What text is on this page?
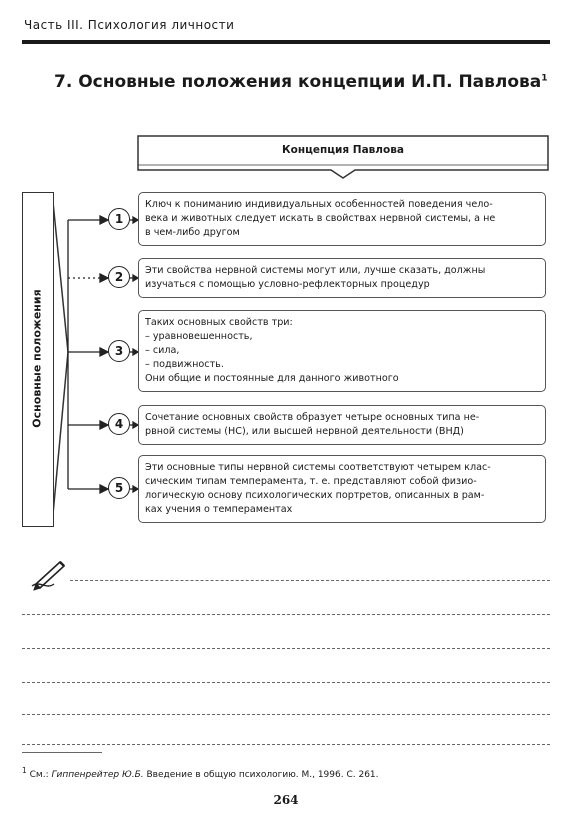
Часть III. Психология личности
7. Основные положения концепции И.П. Павлова$^1$
Концепция Павлова
Основные положения
1
2
3
4
5
Ключ к пониманию индивидуальных особенностей поведения чело-
века и животных следует искать в свойствах нервной системы, а не
в чем-либо другом
Эти свойства нервной системы могут или, лучше сказать, должны
изучаться с помощью условно-рефлекторных процедур
Таких основных свойств три:
– уравновешенность,
– сила,
– подвижность.
Они общие и постоянные для данного животного
Сочетание основных свойств образует четыре основных типа не-
рвной системы (НС), или высшей нервной деятельности (ВНД)
Эти основные типы нервной системы соответствуют четырем клас-
сическим типам темперамента, т. е. представляют собой физио-
логическую основу психологических портретов, описанных в рам-
ках учения о темпераментах
$^1$ См.: Гиппенрейтер Ю.Б. Введение в общую психологию. М., 1996. С. 261.
264
